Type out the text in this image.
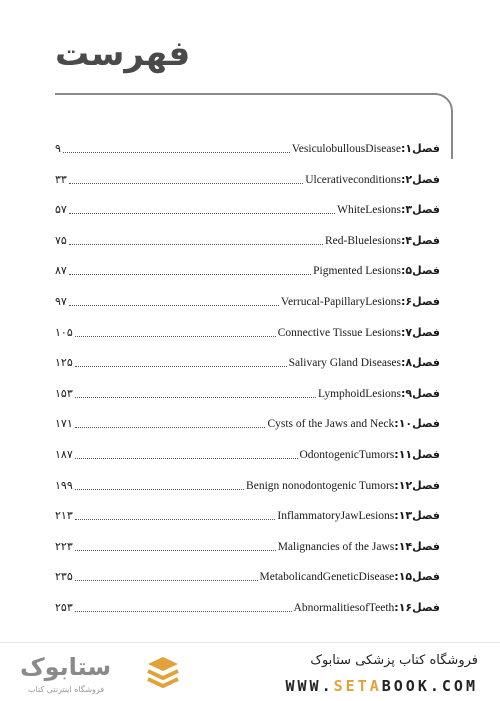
فهرست
فصل۱:
VesiculobullousDisease
۹
فصل۲:
Ulcerativeconditions
۳۳
فصل۳:
WhiteLesions
۵۷
فصل۴:
Red-Bluelesions
۷۵
فصل۵:
Pigmented Lesions
۸۷
فصل۶:
Verrucal-PapillaryLesions
۹۷
فصل۷:
Connective Tissue Lesions
۱۰۵
فصل۸:
Salivary Gland Diseases
۱۲۵
فصل۹:
LymphoidLesions
۱۵۳
فصل۱۰:
Cysts of the Jaws and Neck
۱۷۱
فصل۱۱:
OdontogenicTumors
۱۸۷
فصل۱۲:
Benign nonodontogenic Tumors
۱۹۹
فصل۱۳:
InflammatoryJawLesions
۲۱۳
فصل۱۴:
Malignancies of the Jaws
۲۲۳
فصل۱۵:
MetabolicandGeneticDisease
۲۳۵
فصل۱۶:
AbnormalitiesofTeeth
۲۵۳
ستابوک
فروشگاه اینترنتی کتاب
فروشگاه کتاب پزشکی ستابوک
WWW.SETABOOK.COM
